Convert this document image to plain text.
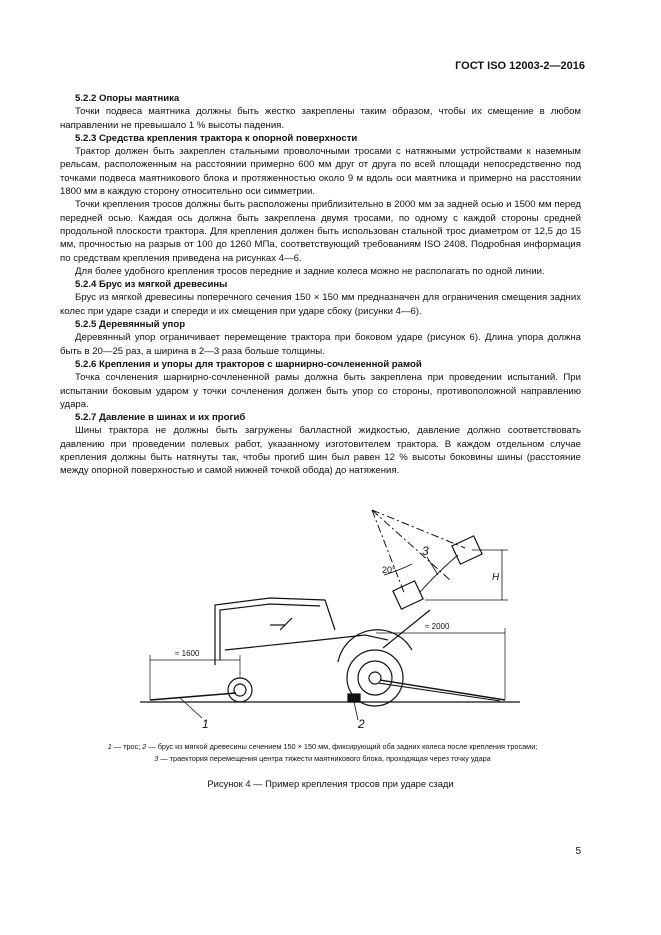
ГОСТ ISO 12003-2—2016
5.2.2 Опоры маятника

Точки подвеса маятника должны быть жестко закреплены таким образом, чтобы их смещение в любом направлении не превышало 1 % высоты падения.

5.2.3 Средства крепления трактора к опорной поверхности

Трактор должен быть закреплен стальными проволочными тросами с натяжными устройствами к наземным рельсам, расположенным на расстоянии примерно 600 мм друг от друга по всей площади непосредственно под точками подвеса маятникового блока и протяженностью около 9 м вдоль оси маятника и примерно на расстоянии 1800 мм в каждую сторону относительно оси симметрии.

Точки крепления тросов должны быть расположены приблизительно в 2000 мм за задней осью и 1500 мм перед передней осью. Каждая ось должна быть закреплена двумя тросами, по одному с каждой стороны средней продольной плоскости трактора. Для крепления должен быть использован стальной трос диаметром от 12,5 до 15 мм, прочностью на разрыв от 100 до 1260 МПа, соответствующий требованиям ISO 2408. Подробная информация по средствам крепления приведена на рисунках 4—6.

Для более удобного крепления тросов передние и задние колеса можно не располагать по одной линии.

5.2.4 Брус из мягкой древесины

Брус из мягкой древесины поперечного сечения 150 × 150 мм предназначен для ограничения смещения задних колес при ударе сзади и спереди и их смещения при ударе сбоку (рисунки 4—6).

5.2.5 Деревянный упор

Деревянный упор ограничивает перемещение трактора при боковом ударе (рисунок 6). Длина упора должна быть в 20—25 раз, а ширина в 2—3 раза больше толщины.

5.2.6 Крепления и упоры для тракторов с шарнирно-сочлененной рамой

Точка сочленения шарнирно-сочлененной рамы должна быть закреплена при проведении испытаний. При испытании боковым ударом у точки сочленения должен быть упор со стороны, противоположной направлению удара.

5.2.7 Давление в шинах и их прогиб

Шины трактора не должны быть загружены балластной жидкостью, давление должно соответствовать давлению при проведении полевых работ, указанному изготовителем трактора. В каждом отдельном случае крепления должны быть натянуты так, чтобы прогиб шин был равен 12 % высоты боковины шины (расстояние между опорной поверхностью и самой нижней точкой обода) до натяжения.

≈ 1600
≈ 2000
20°
H
1	2
3
1 — трос; 2 — брус из мягкой древесины сечением 150 × 150 мм, фиксирующий оба задних колеса после крепления тросами;
3 — траектория перемещения центра тяжести маятникового блока, проходящая через точку удара
Рисунок 4 — Пример крепления тросов при ударе сзади
5
